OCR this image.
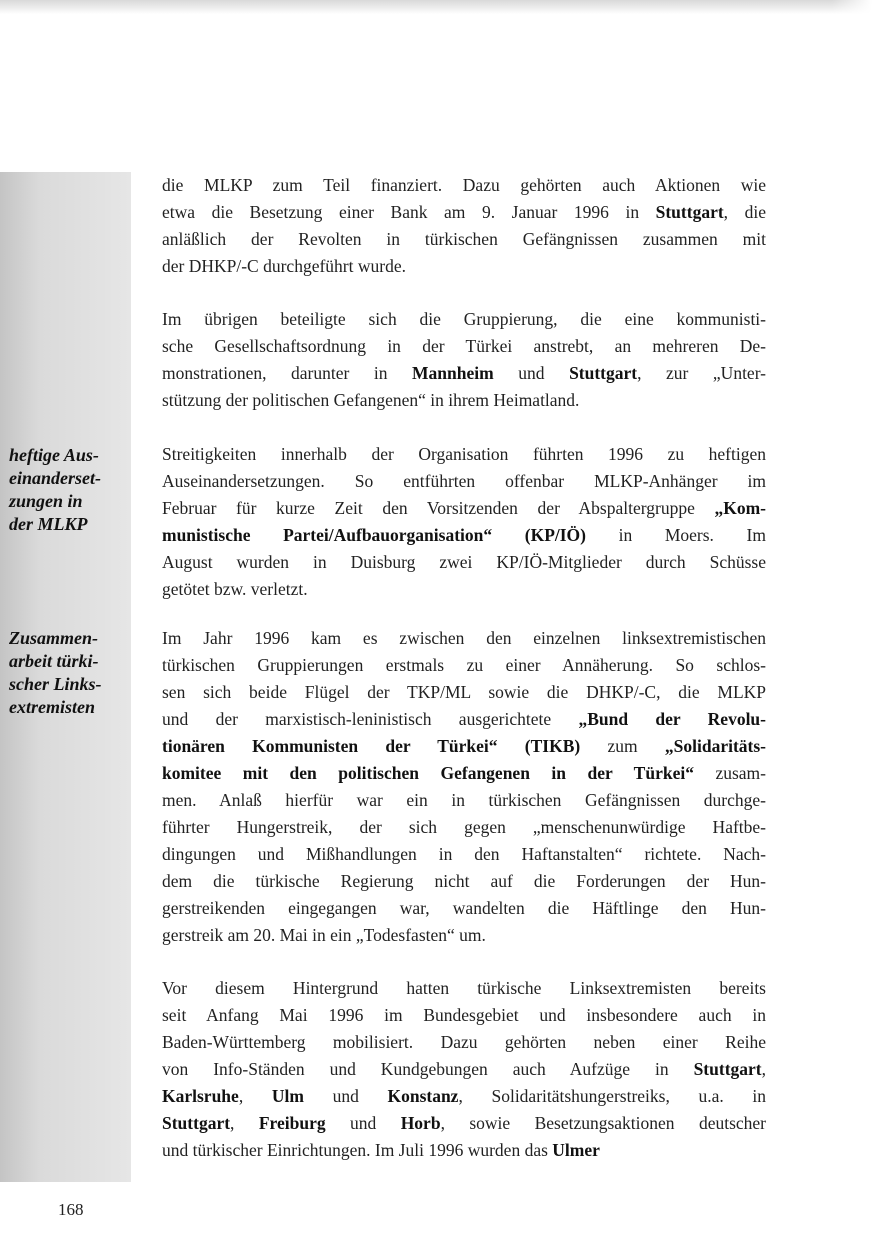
heftige Aus-
einanderset-
zungen in
der MLKP
Zusammen-
arbeit türki-
scher Links-
extremisten
die MLKP zum Teil finanziert. Dazu gehörten auch Aktionen wie
etwa die Besetzung einer Bank am 9. Januar 1996 in Stuttgart, die
anläßlich der Revolten in türkischen Gefängnissen zusammen mit
der DHKP/-C durchgeführt wurde.
Im übrigen beteiligte sich die Gruppierung, die eine kommunisti-
sche Gesellschaftsordnung in der Türkei anstrebt, an mehreren De-
monstrationen, darunter in Mannheim und Stuttgart, zur „Unter-
stützung der politischen Gefangenen“ in ihrem Heimatland.
Streitigkeiten innerhalb der Organisation führten 1996 zu heftigen
Auseinandersetzungen. So entführten offenbar MLKP-Anhänger im
Februar für kurze Zeit den Vorsitzenden der Abspaltergruppe „Kom-
munistische Partei/Aufbauorganisation“ (KP/IÖ) in Moers. Im
August wurden in Duisburg zwei KP/IÖ-Mitglieder durch Schüsse
getötet bzw. verletzt.
Im Jahr 1996 kam es zwischen den einzelnen linksextremistischen
türkischen Gruppierungen erstmals zu einer Annäherung. So schlos-
sen sich beide Flügel der TKP/ML sowie die DHKP/-C, die MLKP
und der marxistisch-leninistisch ausgerichtete „Bund der Revolu-
tionären Kommunisten der Türkei“ (TIKB) zum „Solidaritäts-
komitee mit den politischen Gefangenen in der Türkei“ zusam-
men. Anlaß hierfür war ein in türkischen Gefängnissen durchge-
führter Hungerstreik, der sich gegen „menschenunwürdige Haftbe-
dingungen und Mißhandlungen in den Haftanstalten“ richtete. Nach-
dem die türkische Regierung nicht auf die Forderungen der Hun-
gerstreikenden eingegangen war, wandelten die Häftlinge den Hun-
gerstreik am 20. Mai in ein „Todesfasten“ um.
Vor diesem Hintergrund hatten türkische Linksextremisten bereits
seit Anfang Mai 1996 im Bundesgebiet und insbesondere auch in
Baden-Württemberg mobilisiert. Dazu gehörten neben einer Reihe
von Info-Ständen und Kundgebungen auch Aufzüge in Stuttgart,
Karlsruhe, Ulm und Konstanz, Solidaritätshungerstreiks, u.a. in
Stuttgart, Freiburg und Horb, sowie Besetzungsaktionen deutscher
und türkischer Einrichtungen. Im Juli 1996 wurden das Ulmer
168
